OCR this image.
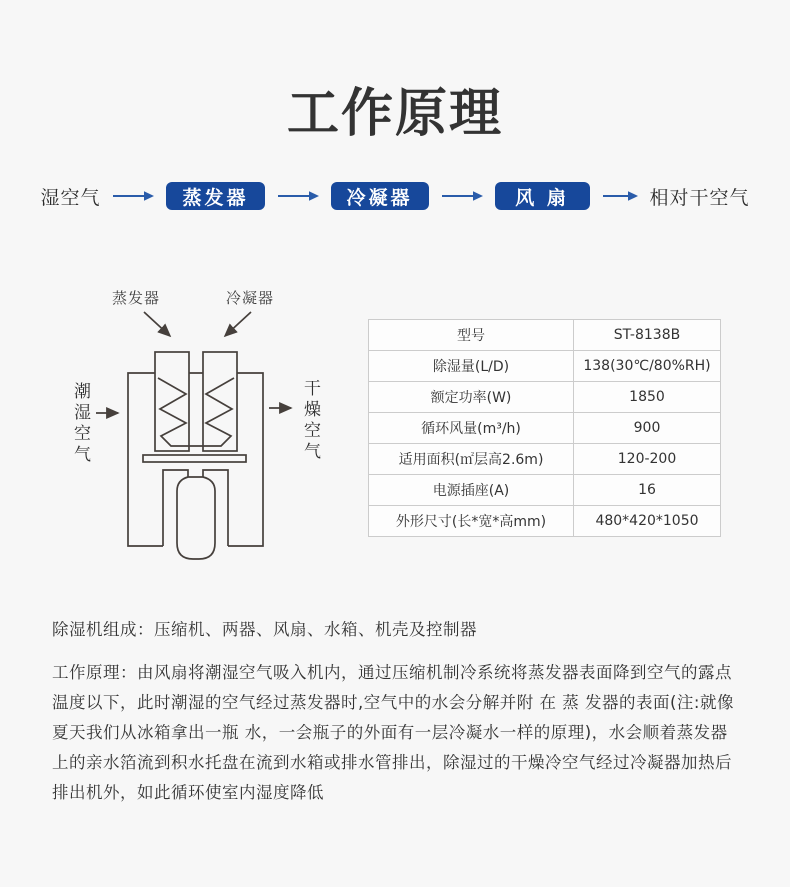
工作原理
湿空气	蒸发器	冷凝器	风 扇	相对干空气
蒸发器	冷凝器
潮湿空气	干燥空气
型号	ST-8138B
除湿量(L/D)	138(30℃/80%RH)
额定功率(W)	1850
循环风量(m³/h)	900
适用面积(㎡层高2.6m)	120-200
电源插座(A)	16
外形尺寸(长*宽*高mm)	480*420*1050
除湿机组成：压缩机、两器、风扇、水箱、机壳及控制器
工作原理：由风扇将潮湿空气吸入机内，通过压缩机制冷系统将蒸发器表面降到空气的露点温度以下，此时潮湿的空气经过蒸发器时,空气中的水会分解并附 在 蒸 发器的表面(注:就像夏天我们从冰箱拿出一瓶 水，一会瓶子的外面有一层冷凝水一样的原理)，水会顺着蒸发器上的亲水箔流到积水托盘在流到水箱或排水管排出，除湿过的干燥冷空气经过冷凝器加热后排出机外，如此循环使室内湿度降低
